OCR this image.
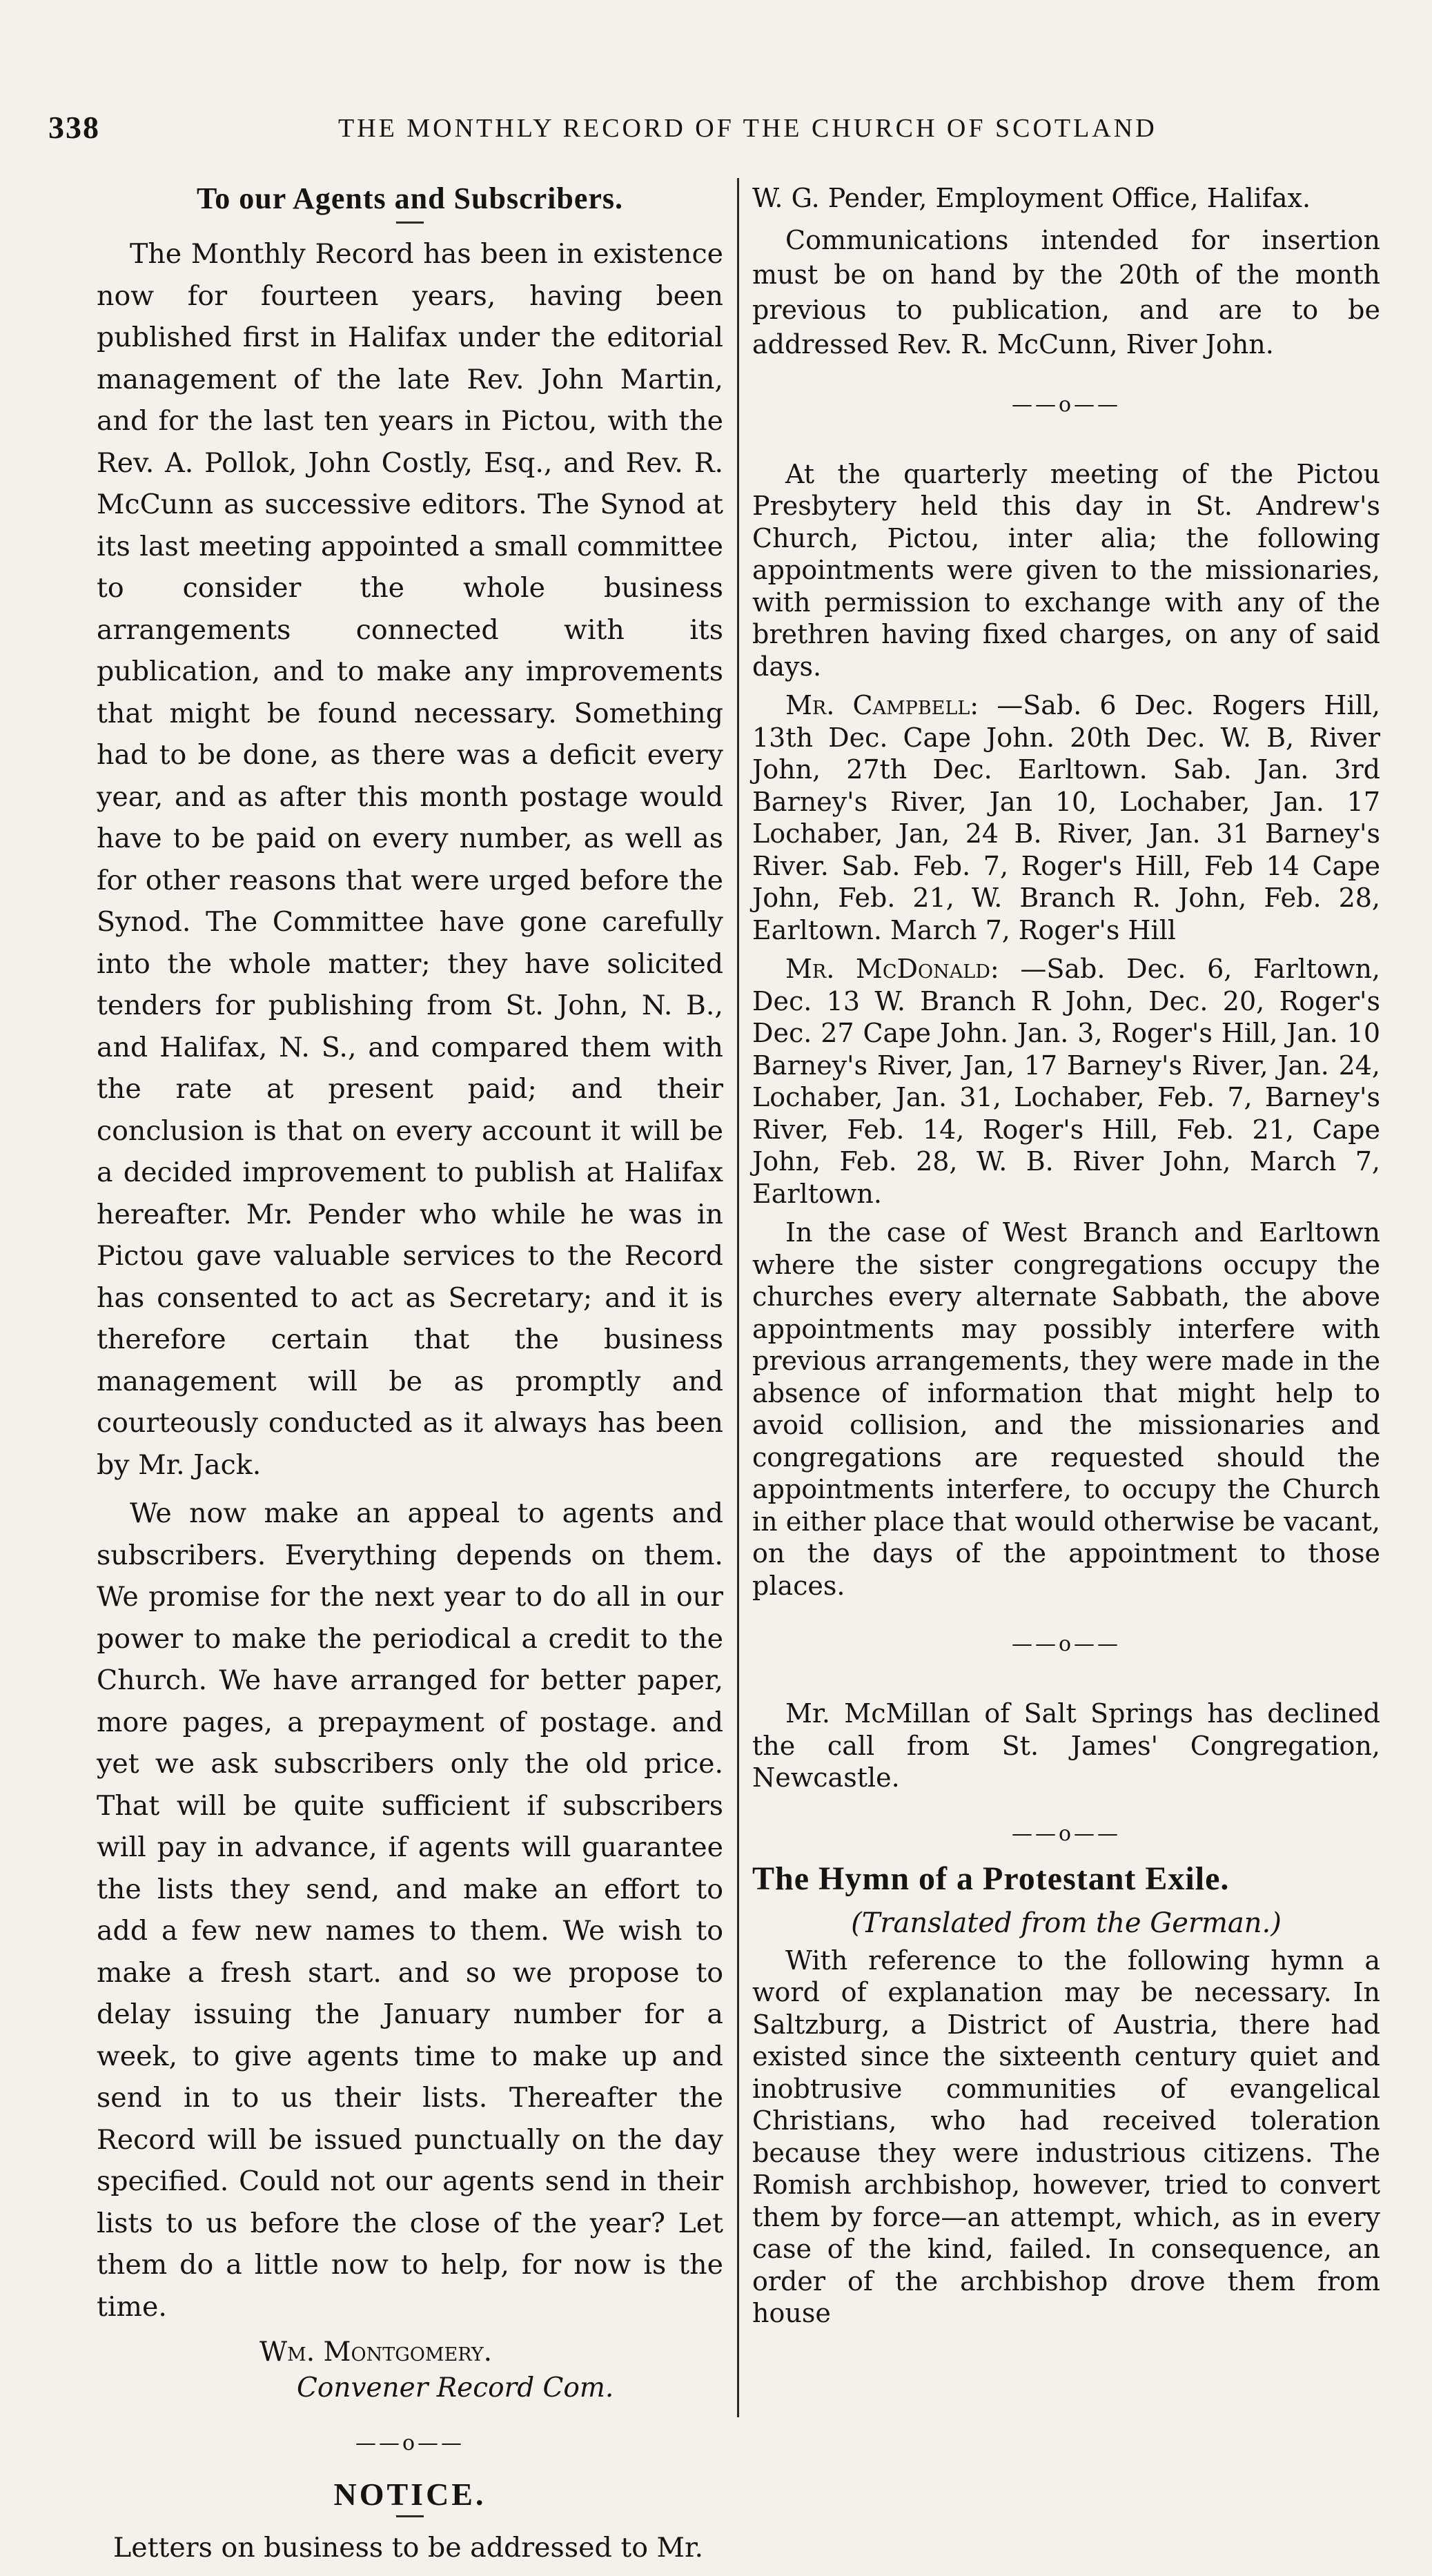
338	THE MONTHLY RECORD OF THE CHURCH OF SCOTLAND
To our Agents and Subscribers.

The Monthly Record has been in existence now for fourteen years, having been published first in Halifax under the editorial management of the late Rev. John Martin, and for the last ten years in Pictou, with the Rev. A. Pollok, John Costly, Esq., and Rev. R. McCunn as successive editors. The Synod at its last meeting appointed a small committee to consider the whole business arrangements connected with its publication, and to make any improvements that might be found necessary. Something had to be done, as there was a deficit every year, and as after this month postage would have to be paid on every number, as well as for other reasons that were urged before the Synod. The Committee have gone carefully into the whole matter; they have solicited tenders for publishing from St. John, N. B., and Halifax, N. S., and compared them with the rate at present paid; and their conclusion is that on every account it will be a decided improvement to publish at Halifax hereafter. Mr. Pender who while he was in Pictou gave valuable services to the Record has consented to act as Secretary; and it is therefore certain that the business management will be as promptly and courteously conducted as it always has been by Mr. Jack.

We now make an appeal to agents and subscribers. Everything depends on them. We promise for the next year to do all in our power to make the periodical a credit to the Church. We have arranged for better paper, more pages, a prepayment of postage. and yet we ask subscribers only the old price. That will be quite sufficient if subscribers will pay in advance, if agents will guarantee the lists they send, and make an effort to add a few new names to them. We wish to make a fresh start. and so we propose to delay issuing the January number for a week, to give agents time to make up and send in to us their lists. Thereafter the Record will be issued punctually on the day specified. Could not our agents send in their lists to us before the close of the year? Let them do a little now to help, for now is the time.

Wm. Montgomery.
Convener Record Com.
——o——
NOTICE.

Letters on business to be addressed to Mr.

W. G. Pender, Employment Office, Halifax.

Communications intended for insertion must be on hand by the 20th of the month previous to publication, and are to be addressed Rev. R. McCunn, River John.

——o——

At the quarterly meeting of the Pictou Presbytery held this day in St. Andrew's Church, Pictou, inter alia; the following appointments were given to the missionaries, with permission to exchange with any of the brethren having fixed charges, on any of said days.

Mr. Campbell: —Sab. 6 Dec. Rogers Hill, 13th Dec. Cape John. 20th Dec. W. B, River John, 27th Dec. Earltown. Sab. Jan. 3rd Barney's River, Jan 10, Lochaber, Jan. 17 Lochaber, Jan, 24 B. River, Jan. 31 Barney's River. Sab. Feb. 7, Roger's Hill, Feb 14 Cape John, Feb. 21, W. Branch R. John, Feb. 28, Earltown. March 7, Roger's Hill

Mr. McDonald: —Sab. Dec. 6, Farltown, Dec. 13 W. Branch R John, Dec. 20, Roger's Dec. 27 Cape John. Jan. 3, Roger's Hill, Jan. 10 Barney's River, Jan, 17 Barney's River, Jan. 24, Lochaber, Jan. 31, Lochaber, Feb. 7, Barney's River, Feb. 14, Roger's Hill, Feb. 21, Cape John, Feb. 28, W. B. River John, March 7, Earltown.

In the case of West Branch and Earltown where the sister congregations occupy the churches every alternate Sabbath, the above appointments may possibly interfere with previous arrangements, they were made in the absence of information that might help to avoid collision, and the missionaries and congregations are requested should the appointments interfere, to occupy the Church in either place that would otherwise be vacant, on the days of the appointment to those places.

——o——

Mr. McMillan of Salt Springs has declined the call from St. James' Congregation, Newcastle.

——o——
The Hymn of a Protestant Exile.
(Translated from the German.)

With reference to the following hymn a word of explanation may be necessary. In Saltzburg, a District of Austria, there had existed since the sixteenth century quiet and inobtrusive communities of evangelical Christians, who had received toleration because they were industrious citizens. The Romish archbishop, however, tried to convert them by force—an attempt, which, as in every case of the kind, failed. In consequence, an order of the archbishop drove them from house
